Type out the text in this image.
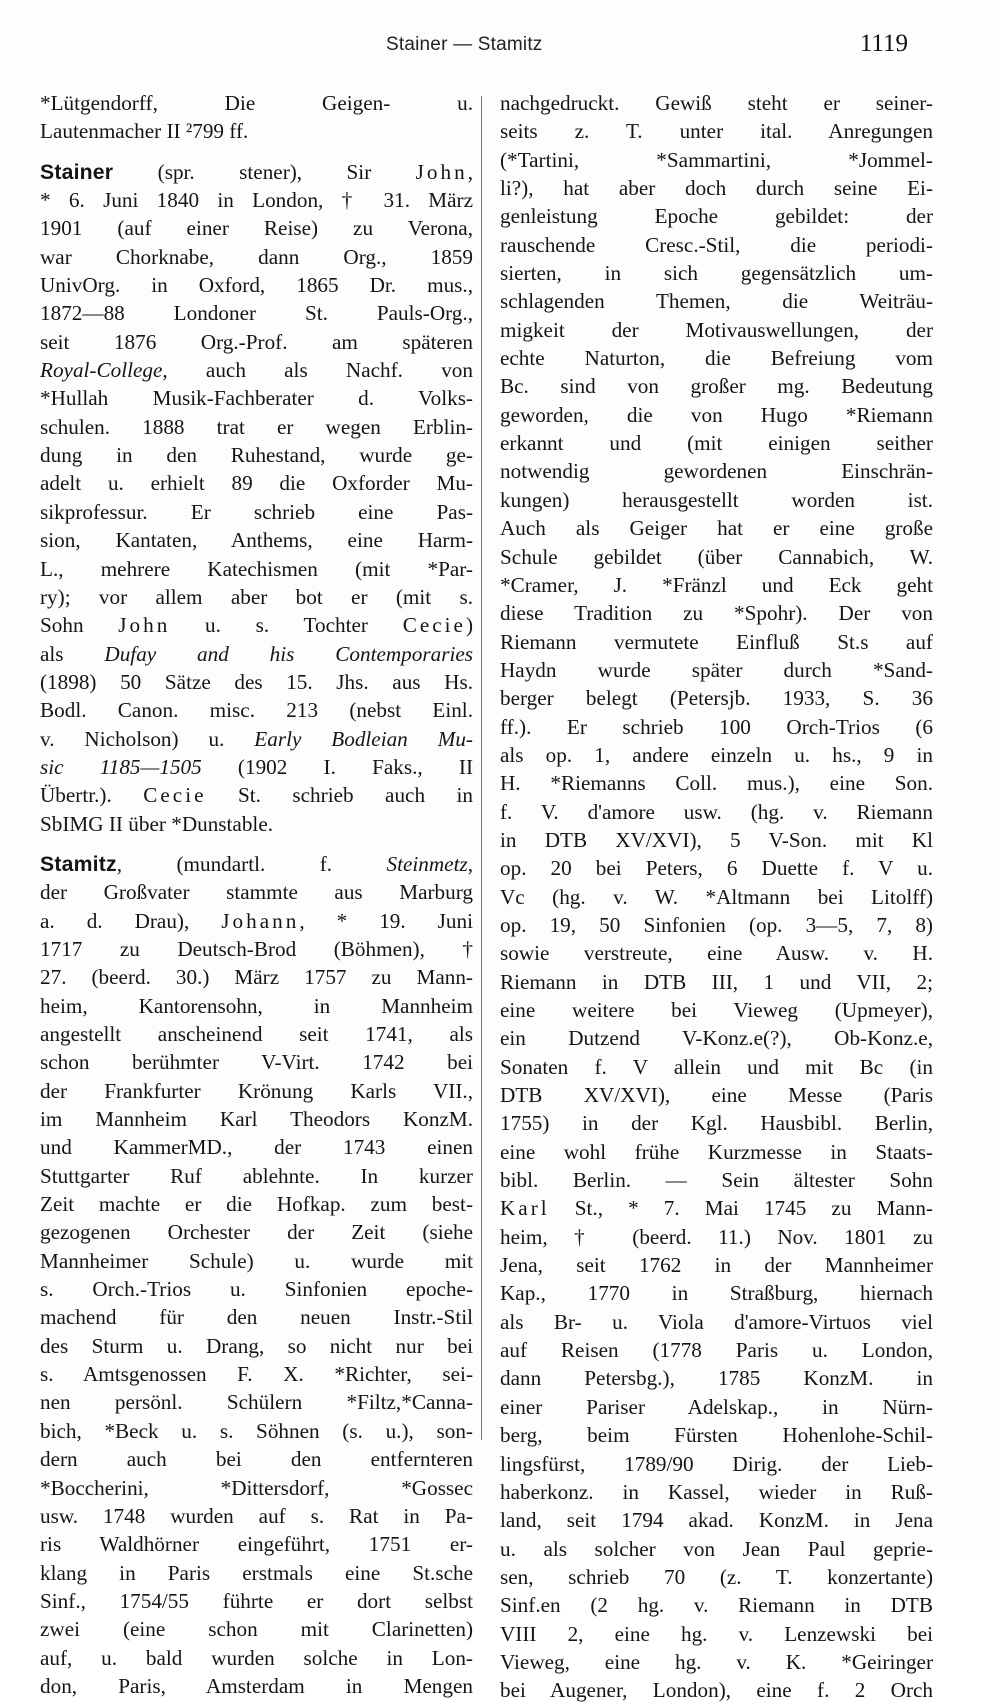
Stainer — Stamitz	1119
*Lütgendorff, Die Geigen- u.
Lautenmacher II ²799 ff.
Stainer (spr. stener), Sir John,
* 6. Juni 1840 in London, † 31. März
1901 (auf einer Reise) zu Verona,
war Chorknabe, dann Org., 1859
UnivOrg. in Oxford, 1865 Dr. mus.,
1872—88 Londoner St. Pauls-Org.,
seit 1876 Org.-Prof. am späteren
Royal-College, auch als Nachf. von
*Hullah Musik-Fachberater d. Volks-
schulen. 1888 trat er wegen Erblin-
dung in den Ruhestand, wurde ge-
adelt u. erhielt 89 die Oxforder Mu-
sikprofessur. Er schrieb eine Pas-
sion, Kantaten, Anthems, eine Harm-
L., mehrere Katechismen (mit *Par-
ry); vor allem aber bot er (mit s.
Sohn John u. s. Tochter Cecie)
als Dufay and his Contemporaries
(1898) 50 Sätze des 15. Jhs. aus Hs.
Bodl. Canon. misc. 213 (nebst Einl.
v. Nicholson) u. Early Bodleian Mu-
sic 1185—1505 (1902 I. Faks., II
Übertr.). Cecie St. schrieb auch in
SbIMG II über *Dunstable.
Stamitz, (mundartl. f. Steinmetz,
der Großvater stammte aus Marburg
a. d. Drau), Johann, * 19. Juni
1717 zu Deutsch-Brod (Böhmen), †
27. (beerd. 30.) März 1757 zu Mann-
heim, Kantorensohn, in Mannheim
angestellt anscheinend seit 1741, als
schon berühmter V-Virt. 1742 bei
der Frankfurter Krönung Karls VII.,
im Mannheim Karl Theodors KonzM.
und KammerMD., der 1743 einen
Stuttgarter Ruf ablehnte. In kurzer
Zeit machte er die Hofkap. zum best-
gezogenen Orchester der Zeit (siehe
Mannheimer Schule) u. wurde mit
s. Orch.-Trios u. Sinfonien epoche-
machend für den neuen Instr.-Stil
des Sturm u. Drang, so nicht nur bei
s. Amtsgenossen F. X. *Richter, sei-
nen persönl. Schülern *Filtz,*Canna-
bich, *Beck u. s. Söhnen (s. u.), son-
dern auch bei den entfernteren
*Boccherini, *Dittersdorf, *Gossec
usw. 1748 wurden auf s. Rat in Pa-
ris Waldhörner eingeführt, 1751 er-
klang in Paris erstmals eine St.sche
Sinf., 1754/55 führte er dort selbst
zwei (eine schon mit Clarinetten)
auf, u. bald wurden solche in Lon-
don, Paris, Amsterdam in Mengen
nachgedruckt. Gewiß steht er seiner-
seits z. T. unter ital. Anregungen
(*Tartini, *Sammartini, *Jommel-
li?), hat aber doch durch seine Ei-
genleistung Epoche gebildet: der
rauschende Cresc.-Stil, die periodi-
sierten, in sich gegensätzlich um-
schlagenden Themen, die Weiträu-
migkeit der Motivauswellungen, der
echte Naturton, die Befreiung vom
Bc. sind von großer mg. Bedeutung
geworden, die von Hugo *Riemann
erkannt und (mit einigen seither
notwendig gewordenen Einschrän-
kungen) herausgestellt worden ist.
Auch als Geiger hat er eine große
Schule gebildet (über Cannabich, W.
*Cramer, J. *Fränzl und Eck geht
diese Tradition zu *Spohr). Der von
Riemann vermutete Einfluß St.s auf
Haydn wurde später durch *Sand-
berger belegt (Petersjb. 1933, S. 36
ff.). Er schrieb 100 Orch-Trios (6
als op. 1, andere einzeln u. hs., 9 in
H. *Riemanns Coll. mus.), eine Son.
f. V. d'amore usw. (hg. v. Riemann
in DTB XV/XVI), 5 V-Son. mit Kl
op. 20 bei Peters, 6 Duette f. V u.
Vc (hg. v. W. *Altmann bei Litolff)
op. 19, 50 Sinfonien (op. 3—5, 7, 8)
sowie verstreute, eine Ausw. v. H.
Riemann in DTB III, 1 und VII, 2;
eine weitere bei Vieweg (Upmeyer),
ein Dutzend V-Konz.e(?), Ob-Konz.e,
Sonaten f. V allein und mit Bc (in
DTB XV/XVI), eine Messe (Paris
1755) in der Kgl. Hausbibl. Berlin,
eine wohl frühe Kurzmesse in Staats-
bibl. Berlin. — Sein ältester Sohn
Karl St., * 7. Mai 1745 zu Mann-
heim, † (beerd. 11.) Nov. 1801 zu
Jena, seit 1762 in der Mannheimer
Kap., 1770 in Straßburg, hiernach
als Br- u. Viola d'amore-Virtuos viel
auf Reisen (1778 Paris u. London,
dann Petersbg.), 1785 KonzM. in
einer Pariser Adelskap., in Nürn-
berg, beim Fürsten Hohenlohe-Schil-
lingsfürst, 1789/90 Dirig. der Lieb-
haberkonz. in Kassel, wieder in Ruß-
land, seit 1794 akad. KonzM. in Jena
u. als solcher von Jean Paul geprie-
sen, schrieb 70 (z. T. konzertante)
Sinf.en (2 hg. v. Riemann in DTB
VIII 2, eine hg. v. Lenzewski bei
Vieweg, eine hg. v. K. *Geiringer
bei Augener, London), eine f. 2 Orch
